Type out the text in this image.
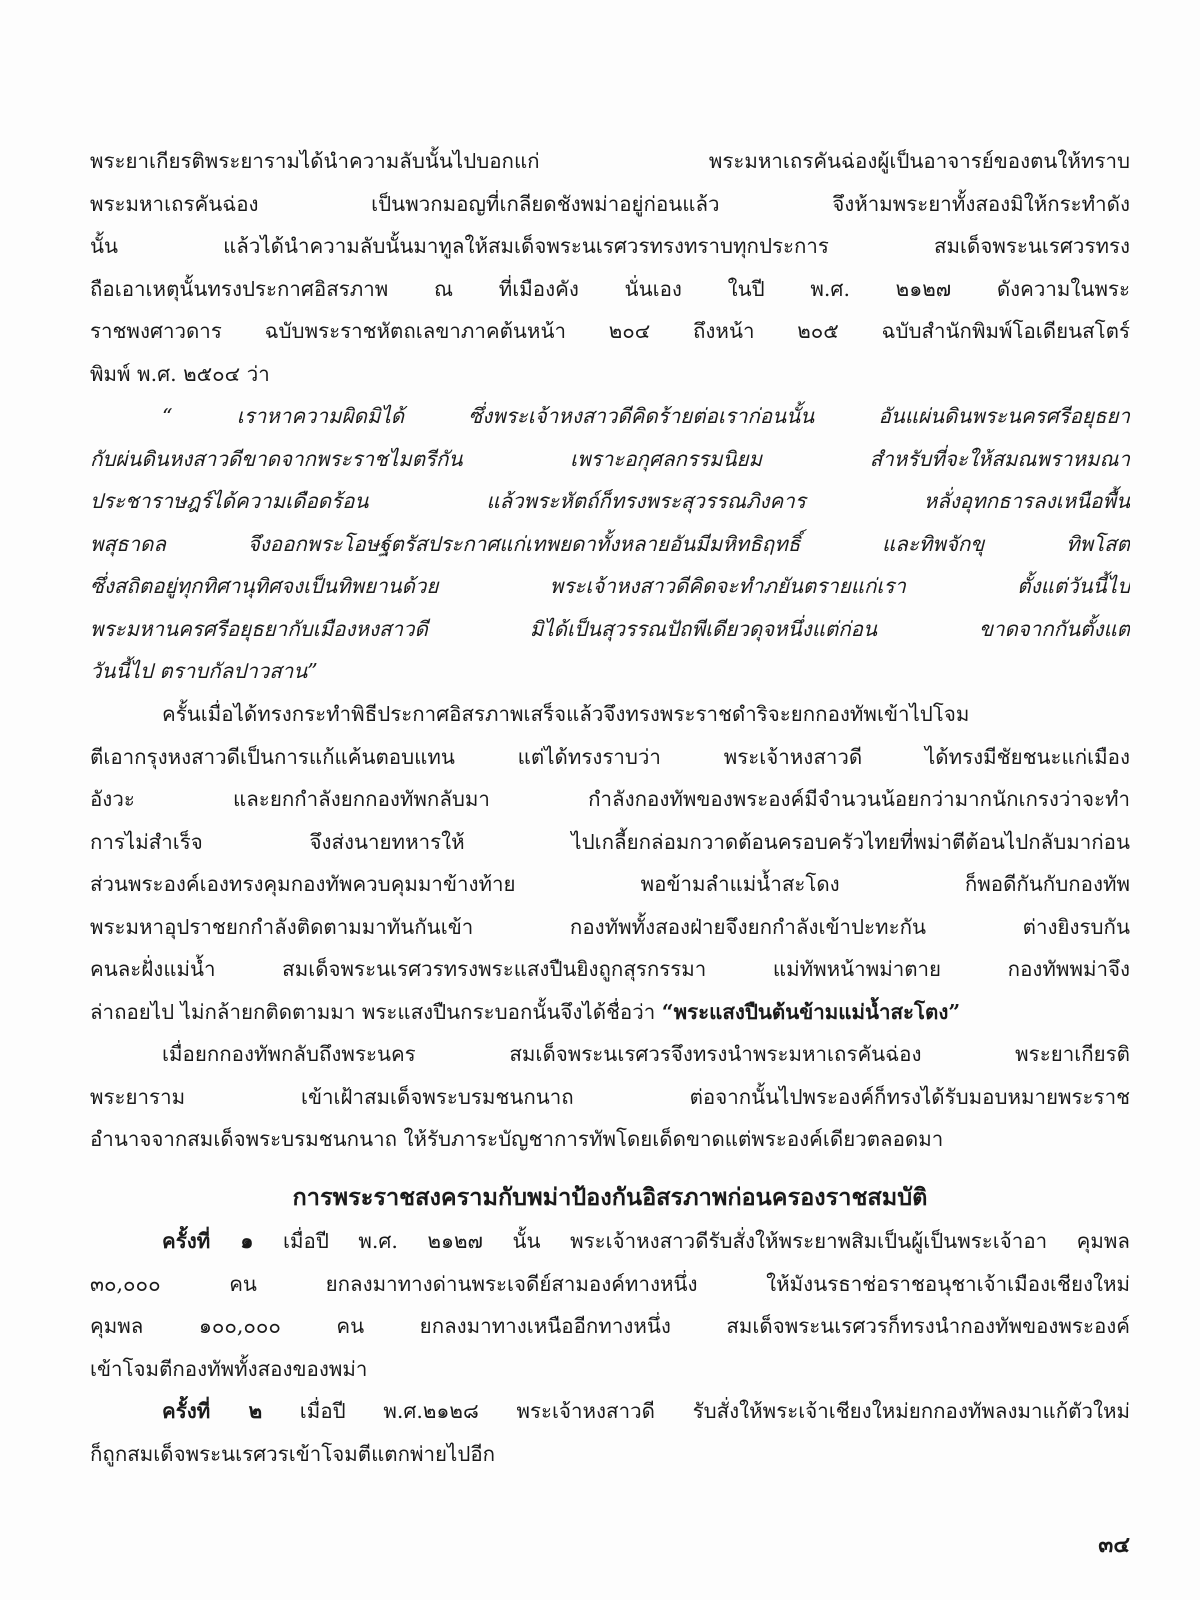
พระยาเกียรติพระยารามได้นำความลับนั้นไปบอกแก่ พระมหาเถรคันฉ่องผู้เป็นอาจารย์ของตนให้ทราบ
พระมหาเถรคันฉ่อง เป็นพวกมอญที่เกลียดชังพม่าอยู่ก่อนแล้ว จึงห้ามพระยาทั้งสองมิให้กระทำดัง
นั้น แล้วได้นำความลับนั้นมาทูลให้สมเด็จพระนเรศวรทรงทราบทุกประการ สมเด็จพระนเรศวรทรง
ถือเอาเหตุนั้นทรงประกาศอิสรภาพ ณ ที่เมืองคัง นั่นเอง ในปี พ.ศ. ๒๑๒๗ ดังความในพระ
ราชพงศาวดาร ฉบับพระราชหัตถเลขาภาคต้นหน้า ๒๐๔ ถึงหน้า ๒๐๕ ฉบับสำนักพิมพ์โอเดียนสโตร์
พิมพ์ พ.ศ. ๒๕๐๔ ว่า
“ เราหาความผิดมิได้ ซึ่งพระเจ้าหงสาวดีคิดร้ายต่อเราก่อนนั้น อันแผ่นดินพระนครศรีอยุธยา
กับผ่นดินหงสาวดีขาดจากพระราชไมตรีกัน เพราะอกุศลกรรมนิยม สำหรับที่จะให้สมณพราหมณา
ประชาราษฎร์ได้ความเดือดร้อน แล้วพระหัตถ์ก็ทรงพระสุวรรณภิงคาร หลั่งอุทกธารลงเหนือพื้น
พสุธาดล จึงออกพระโอษฐ์ตรัสประกาศแก่เทพยดาทั้งหลายอันมีมหิทธิฤทธิ์ และทิพจักขุ ทิพโสต
ซึ่งสถิตอยู่ทุกทิศานุทิศจงเป็นทิพยานด้วย พระเจ้าหงสาวดีคิดจะทำภยันตรายแก่เรา ตั้งแต่วันนี้ไป
พระมหานครศรีอยุธยากับเมืองหงสาวดี มิได้เป็นสุวรรณปัถพีเดียวดุจหนึ่งแต่ก่อน ขาดจากกันตั้งแต่
วันนี้ไป ตราบกัลปาวสาน”
ครั้นเมื่อได้ทรงกระทำพิธีประกาศอิสรภาพเสร็จแล้วจึงทรงพระราชดำริจะยกกองทัพเข้าไปโจม
ตีเอากรุงหงสาวดีเป็นการแก้แค้นตอบแทน แต่ได้ทรงราบว่า พระเจ้าหงสาวดี ได้ทรงมีชัยชนะแก่เมือง
อังวะ และยกกำลังยกกองทัพกลับมา กำลังกองทัพของพระองค์มีจำนวนน้อยกว่ามากนักเกรงว่าจะทำ
การไม่สำเร็จ จึงส่งนายทหารให้ ไปเกลี้ยกล่อมกวาดต้อนครอบครัวไทยที่พม่าตีต้อนไปกลับมาก่อน
ส่วนพระองค์เองทรงคุมกองทัพควบคุมมาข้างท้าย พอข้ามลำแม่น้ำสะโดง ก็พอดีกันกับกองทัพ
พระมหาอุปราชยกกำลังติดตามมาทันกันเข้า กองทัพทั้งสองฝ่ายจึงยกกำลังเข้าปะทะกัน ต่างยิงรบกัน
คนละฝั่งแม่น้ำ สมเด็จพระนเรศวรทรงพระแสงปืนยิงถูกสุรกรรมา แม่ทัพหน้าพม่าตาย กองทัพพม่าจึง
ล่าถอยไป ไม่กล้ายกติดตามมา พระแสงปืนกระบอกนั้นจึงได้ชื่อว่า “พระแสงปืนต้นข้ามแม่น้ำสะโตง”
เมื่อยกกองทัพกลับถึงพระนคร สมเด็จพระนเรศวรจึงทรงนำพระมหาเถรคันฉ่อง พระยาเกียรติ
พระยาราม เข้าเฝ้าสมเด็จพระบรมชนกนาถ ต่อจากนั้นไปพระองค์ก็ทรงได้รับมอบหมายพระราช
อำนาจจากสมเด็จพระบรมชนกนาถ ให้รับภาระบัญชาการทัพโดยเด็ดขาดแต่พระองค์เดียวตลอดมา
การพระราชสงครามกับพม่าป้องกันอิสรภาพก่อนครองราชสมบัติ
ครั้งที่ ๑ เมื่อปี พ.ศ. ๒๑๒๗ นั้น พระเจ้าหงสาวดีรับสั่งให้พระยาพสิมเป็นผู้เป็นพระเจ้าอา คุมพล
๓๐,๐๐๐ คน ยกลงมาทางด่านพระเจดีย์สามองค์ทางหนึ่ง ให้มังนรธาช่อราชอนุชาเจ้าเมืองเชียงใหม่
คุมพล ๑๐๐,๐๐๐ คน ยกลงมาทางเหนืออีกทางหนึ่ง สมเด็จพระนเรศวรก็ทรงนำกองทัพของพระองค์
เข้าโจมตีกองทัพทั้งสองของพม่า
ครั้งที่ ๒ เมื่อปี พ.ศ.๒๑๒๘ พระเจ้าหงสาวดี รับสั่งให้พระเจ้าเชียงใหม่ยกกองทัพลงมาแก้ตัวใหม่
ก็ถูกสมเด็จพระนเรศวรเข้าโจมตีแตกพ่ายไปอีก
๓๔
